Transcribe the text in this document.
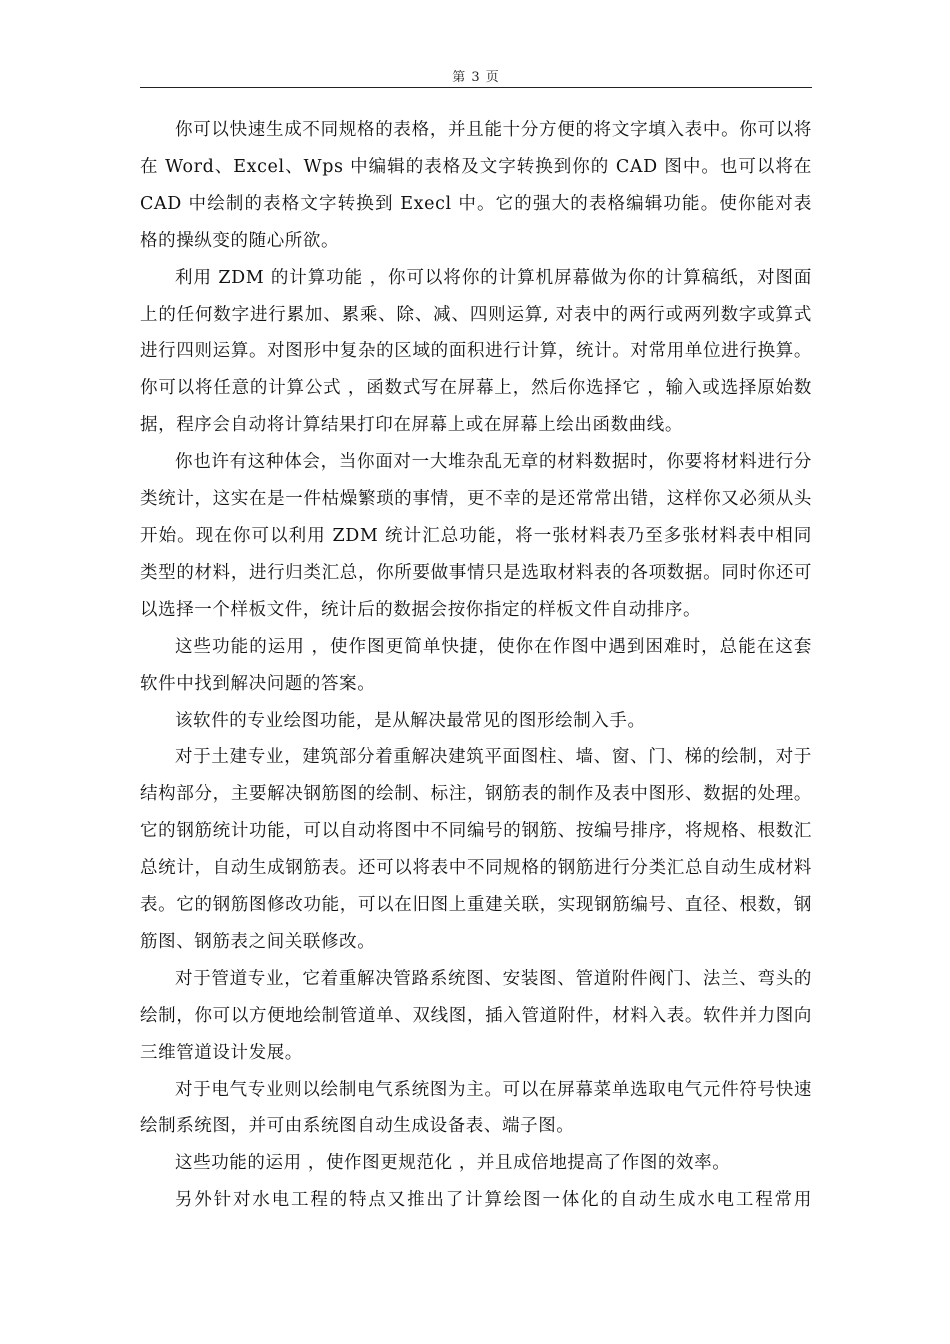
第 3 页

你可以快速生成不同规格的表格，并且能十分方便的将文字填入表中。你可以将在 Word、Excel、Wps 中编辑的表格及文字转换到你的 CAD 图中。也可以将在 CAD 中绘制的表格文字转换到 Execl 中。它的强大的表格编辑功能。使你能对表格的操纵变的随心所欲。

利用 ZDM 的计算功能 ，你可以将你的计算机屏幕做为你的计算稿纸，对图面上的任何数字进行累加、累乘、除、减、四则运算, 对表中的两行或两列数字或算式进行四则运算。对图形中复杂的区域的面积进行计算，统计。对常用单位进行换算。你可以将任意的计算公式 ，函数式写在屏幕上，然后你选择它 ，输入或选择原始数据，程序会自动将计算结果打印在屏幕上或在屏幕上绘出函数曲线。

你也许有这种体会，当你面对一大堆杂乱无章的材料数据时，你要将材料进行分类统计，这实在是一件枯燥繁琐的事情，更不幸的是还常常出错，这样你又必须从头开始。现在你可以利用 ZDM 统计汇总功能，将一张材料表乃至多张材料表中相同类型的材料，进行归类汇总，你所要做事情只是选取材料表的各项数据。同时你还可以选择一个样板文件，统计后的数据会按你指定的样板文件自动排序。

这些功能的运用 ，使作图更简单快捷，使你在作图中遇到困难时，总能在这套软件中找到解决问题的答案。

该软件的专业绘图功能，是从解决最常见的图形绘制入手。

对于土建专业，建筑部分着重解决建筑平面图柱、墙、窗、门、梯的绘制，对于结构部分，主要解决钢筋图的绘制、标注，钢筋表的制作及表中图形、数据的处理。它的钢筋统计功能，可以自动将图中不同编号的钢筋、按编号排序，将规格、根数汇总统计，自动生成钢筋表。还可以将表中不同规格的钢筋进行分类汇总自动生成材料表。它的钢筋图修改功能，可以在旧图上重建关联，实现钢筋编号、直径、根数，钢筋图、钢筋表之间关联修改。

对于管道专业，它着重解决管路系统图、安装图、管道附件阀门、法兰、弯头的绘制，你可以方便地绘制管道单、双线图，插入管道附件，材料入表。软件并力图向三维管道设计发展。

对于电气专业则以绘制电气系统图为主。可以在屏幕菜单选取电气元件符号快速绘制系统图，并可由系统图自动生成设备表、端子图。

这些功能的运用 ，使作图更规范化 ，并且成倍地提高了作图的效率。

另外针对水电工程的特点又推出了计算绘图一体化的自动生成水电工程常用
